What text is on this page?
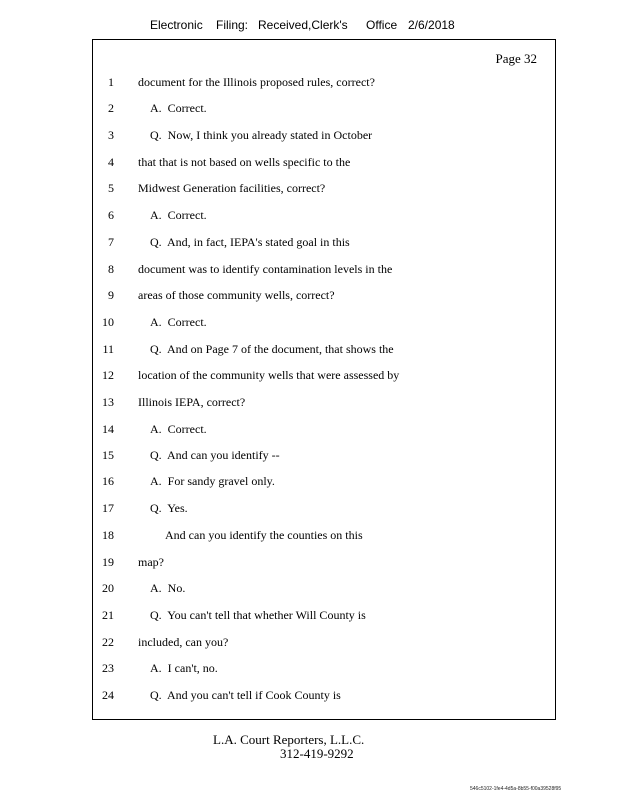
Electronic Filing: Received,Clerk's Office 2/6/2018
Page 32
1 document for the Illinois proposed rules, correct?
2	A.  Correct.
3	Q.  Now, I think you already stated in October
4 that that is not based on wells specific to the
5 Midwest Generation facilities, correct?
6	A.  Correct.
7	Q.  And, in fact, IEPA's stated goal in this
8 document was to identify contamination levels in the
9 areas of those community wells, correct?
10	A.  Correct.
11	Q.  And on Page 7 of the document, that shows the
12 location of the community wells that were assessed by
13 Illinois IEPA, correct?
14	A.  Correct.
15	Q.  And can you identify --
16	A.  For sandy gravel only.
17	Q.  Yes.
18	And can you identify the counties on this
19 map?
20	A.  No.
21	Q.  You can't tell that whether Will County is
22 included, can you?
23	A.  I can't, no.
24	Q.  And you can't tell if Cook County is
L.A. Court Reporters, L.L.C.
312-419-9292
546c5102-1fe4-4d5a-8b55-f00a39528f95
